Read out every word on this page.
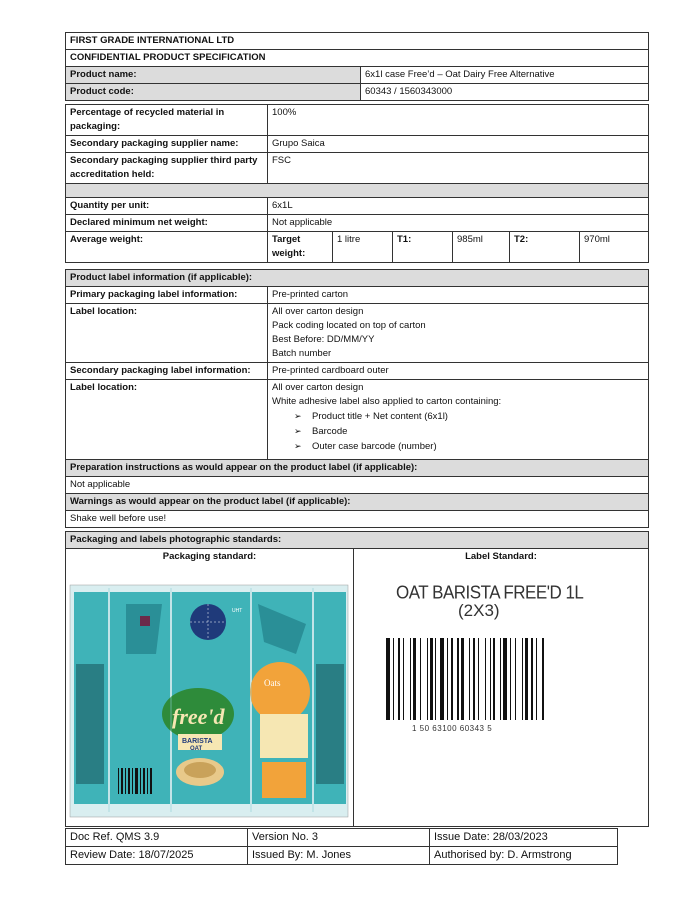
FIRST GRADE INTERNATIONAL LTD	
CONFIDENTIAL PRODUCT SPECIFICATION	
Product name:	6x1l case Free’d – Oat Dairy Free Alternative
Product code:	60343 / 1560343000
Percentage of recycled material in packaging:	100%					
Secondary packaging supplier name:	Grupo Saica					
Secondary packaging supplier third party accreditation held:	FSC					

Quantity per unit:	6x1L					
Declared minimum net weight:	Not applicable					
Average weight:	Target weight:	1 litre	T1:	985ml	T2:	970ml
Product label information (if applicable):	
Primary packaging label information:	Pre-printed carton
Label location:	All over carton design
Pack coding located on top of carton
Best Before: DD/MM/YY
Batch number

Secondary packaging label information:	Pre-printed cardboard outer
Label location:	All over carton design
White adhesive label also applied to carton containing:
➢ Product title + Net content (6x1l)
➢ Barcode
➢ Outer case barcode (number)

Preparation instructions as would appear on the product label (if applicable):	
Not applicable	
Warnings as would appear on the product label (if applicable):	
Shake well before use!	
Packaging and labels photographic standards:

Packaging standard:
UHT
free'd
BARISTA
OAT
Oats

Label Standard:
OAT BARISTA FREE'D 1L
(2X3)
1 50 63100 60343 5
Doc Ref. QMS 3.9	Version No. 3	Issue Date: 28/03/2023
Review Date: 18/07/2025	Issued By: M. Jones	Authorised by: D. Armstrong
